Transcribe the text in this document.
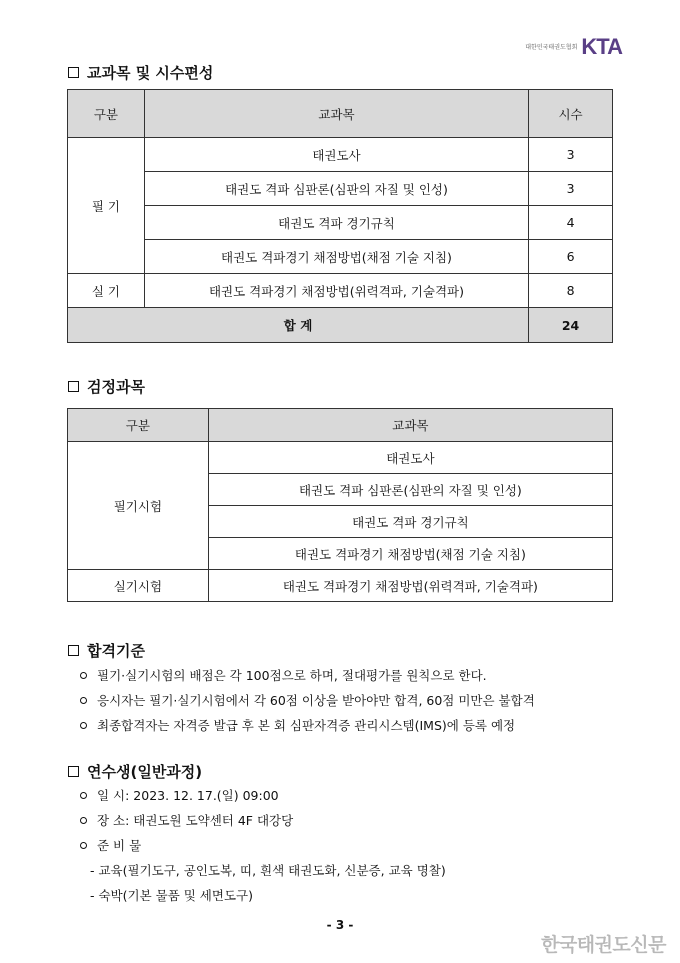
대한민국태권도협회 KTA
교과목 및 시수편성
구분	교과목	시수
필 기	태권도사	3
	태권도 격파 심판론(심판의 자질 및 인성)	3
	태권도 격파 경기규칙	4
	태권도 격파경기 채점방법(채점 기술 지침)	6
실 기	태권도 격파경기 채점방법(위력격파, 기술격파)	8
합 계		24
검정과목
구분	교과목
필기시험	태권도사
	태권도 격파 심판론(심판의 자질 및 인성)
	태권도 격파 경기규칙
	태권도 격파경기 채점방법(채점 기술 지침)
실기시험	태권도 격파경기 채점방법(위력격파, 기술격파)
합격기준
필기·실기시험의 배점은 각 100점으로 하며, 절대평가를 원칙으로 한다.
응시자는 필기·실기시험에서 각 60점 이상을 받아야만 합격, 60점 미만은 불합격
최종합격자는 자격증 발급 후 본 회 심판자격증 관리시스템(IMS)에 등록 예정
연수생(일반과정)
일 시: 2023. 12. 17.(일) 09:00
장 소: 태권도원 도약센터 4F 대강당
준 비 물
- 교육(필기도구, 공인도복, 띠, 흰색 태권도화, 신분증, 교육 명찰)
- 숙박(기본 물품 및 세면도구)
- 3 -
한국태권도신문
